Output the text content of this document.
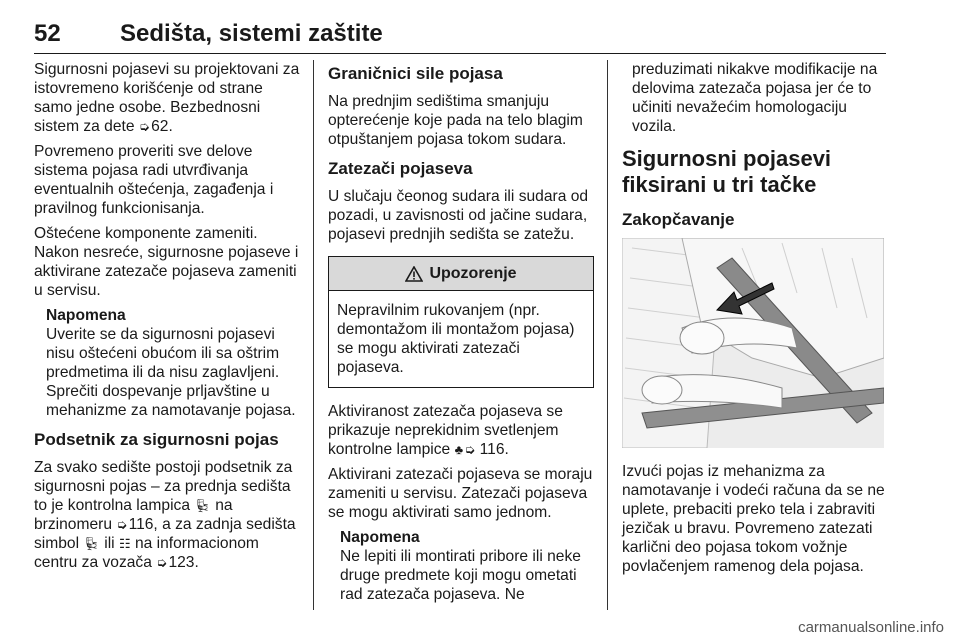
52 Sedišta, sistemi zaštite

Sigurnosni pojasevi su projektovani za istovremeno korišćenje od strane samo jedne osobe. Bezbednosni sistem za dete ➭ 62.

Povremeno proveriti sve delove sistema pojasa radi utvrđivanja eventualnih oštećenja, zagađenja i pravilnog funkcionisanja.

Oštećene komponente zameniti. Nakon nesreće, sigurnosne pojaseve i aktivirane zatezače pojaseva zameniti u servisu.

Napomena
Uverite se da sigurnosni pojasevi nisu oštećeni obućom ili sa oštrim predmetima ili da nisu zaglavljeni. Sprečiti dospevanje prljavštine u mehanizme za namotavanje pojasa.
Podsetnik za sigurnosni pojas

Za svako sedište postoji podsetnik za sigurnosni pojas – za prednja sedišta to je kontrolna lampica 💺︎ na brzinomeru ➭ 116, a za zadnja sedišta simbol 💺︎ ili ☷ na informacionom centru za vozača ➭ 123.

Graničnici sile pojasa

Na prednjim sedištima smanjuju opterećenje koje pada na telo blagim otpuštanjem pojasa tokom sudara.

Zatezači pojaseva

U slučaju čeonog sudara ili sudara od pozadi, u zavisnosti od jačine sudara, pojasevi prednjih sedišta se zatežu.

Upozorenje
Nepravilnim rukovanjem (npr. demontažom ili montažom pojasa) se mogu aktivirati zatezači pojaseva.

Aktiviranost zatezača pojaseva se prikazuje neprekidnim svetlenjem kontrolne lampice ♣ ➭ 116.

Aktivirani zatezači pojaseva se moraju zameniti u servisu. Zatezači pojaseva se mogu aktivirati samo jednom.

Napomena
Ne lepiti ili montirati pribore ili neke druge predmete koji mogu ometati rad zatezača pojaseva. Ne

preduzimati nikakve modifikacije na delovima zatezača pojasa jer će to učiniti nevažećim homologaciju vozila.

Sigurnosni pojasevi fiksirani u tri tačke
Zakopčavanje

Izvući pojas iz mehanizma za namotavanje i vodeći računa da se ne uplete, prebaciti preko tela i zabraviti jezičak u bravu. Povremeno zatezati karlični deo pojasa tokom vožnje povlačenjem ramenog dela pojasa.

carmanualsonline.info
